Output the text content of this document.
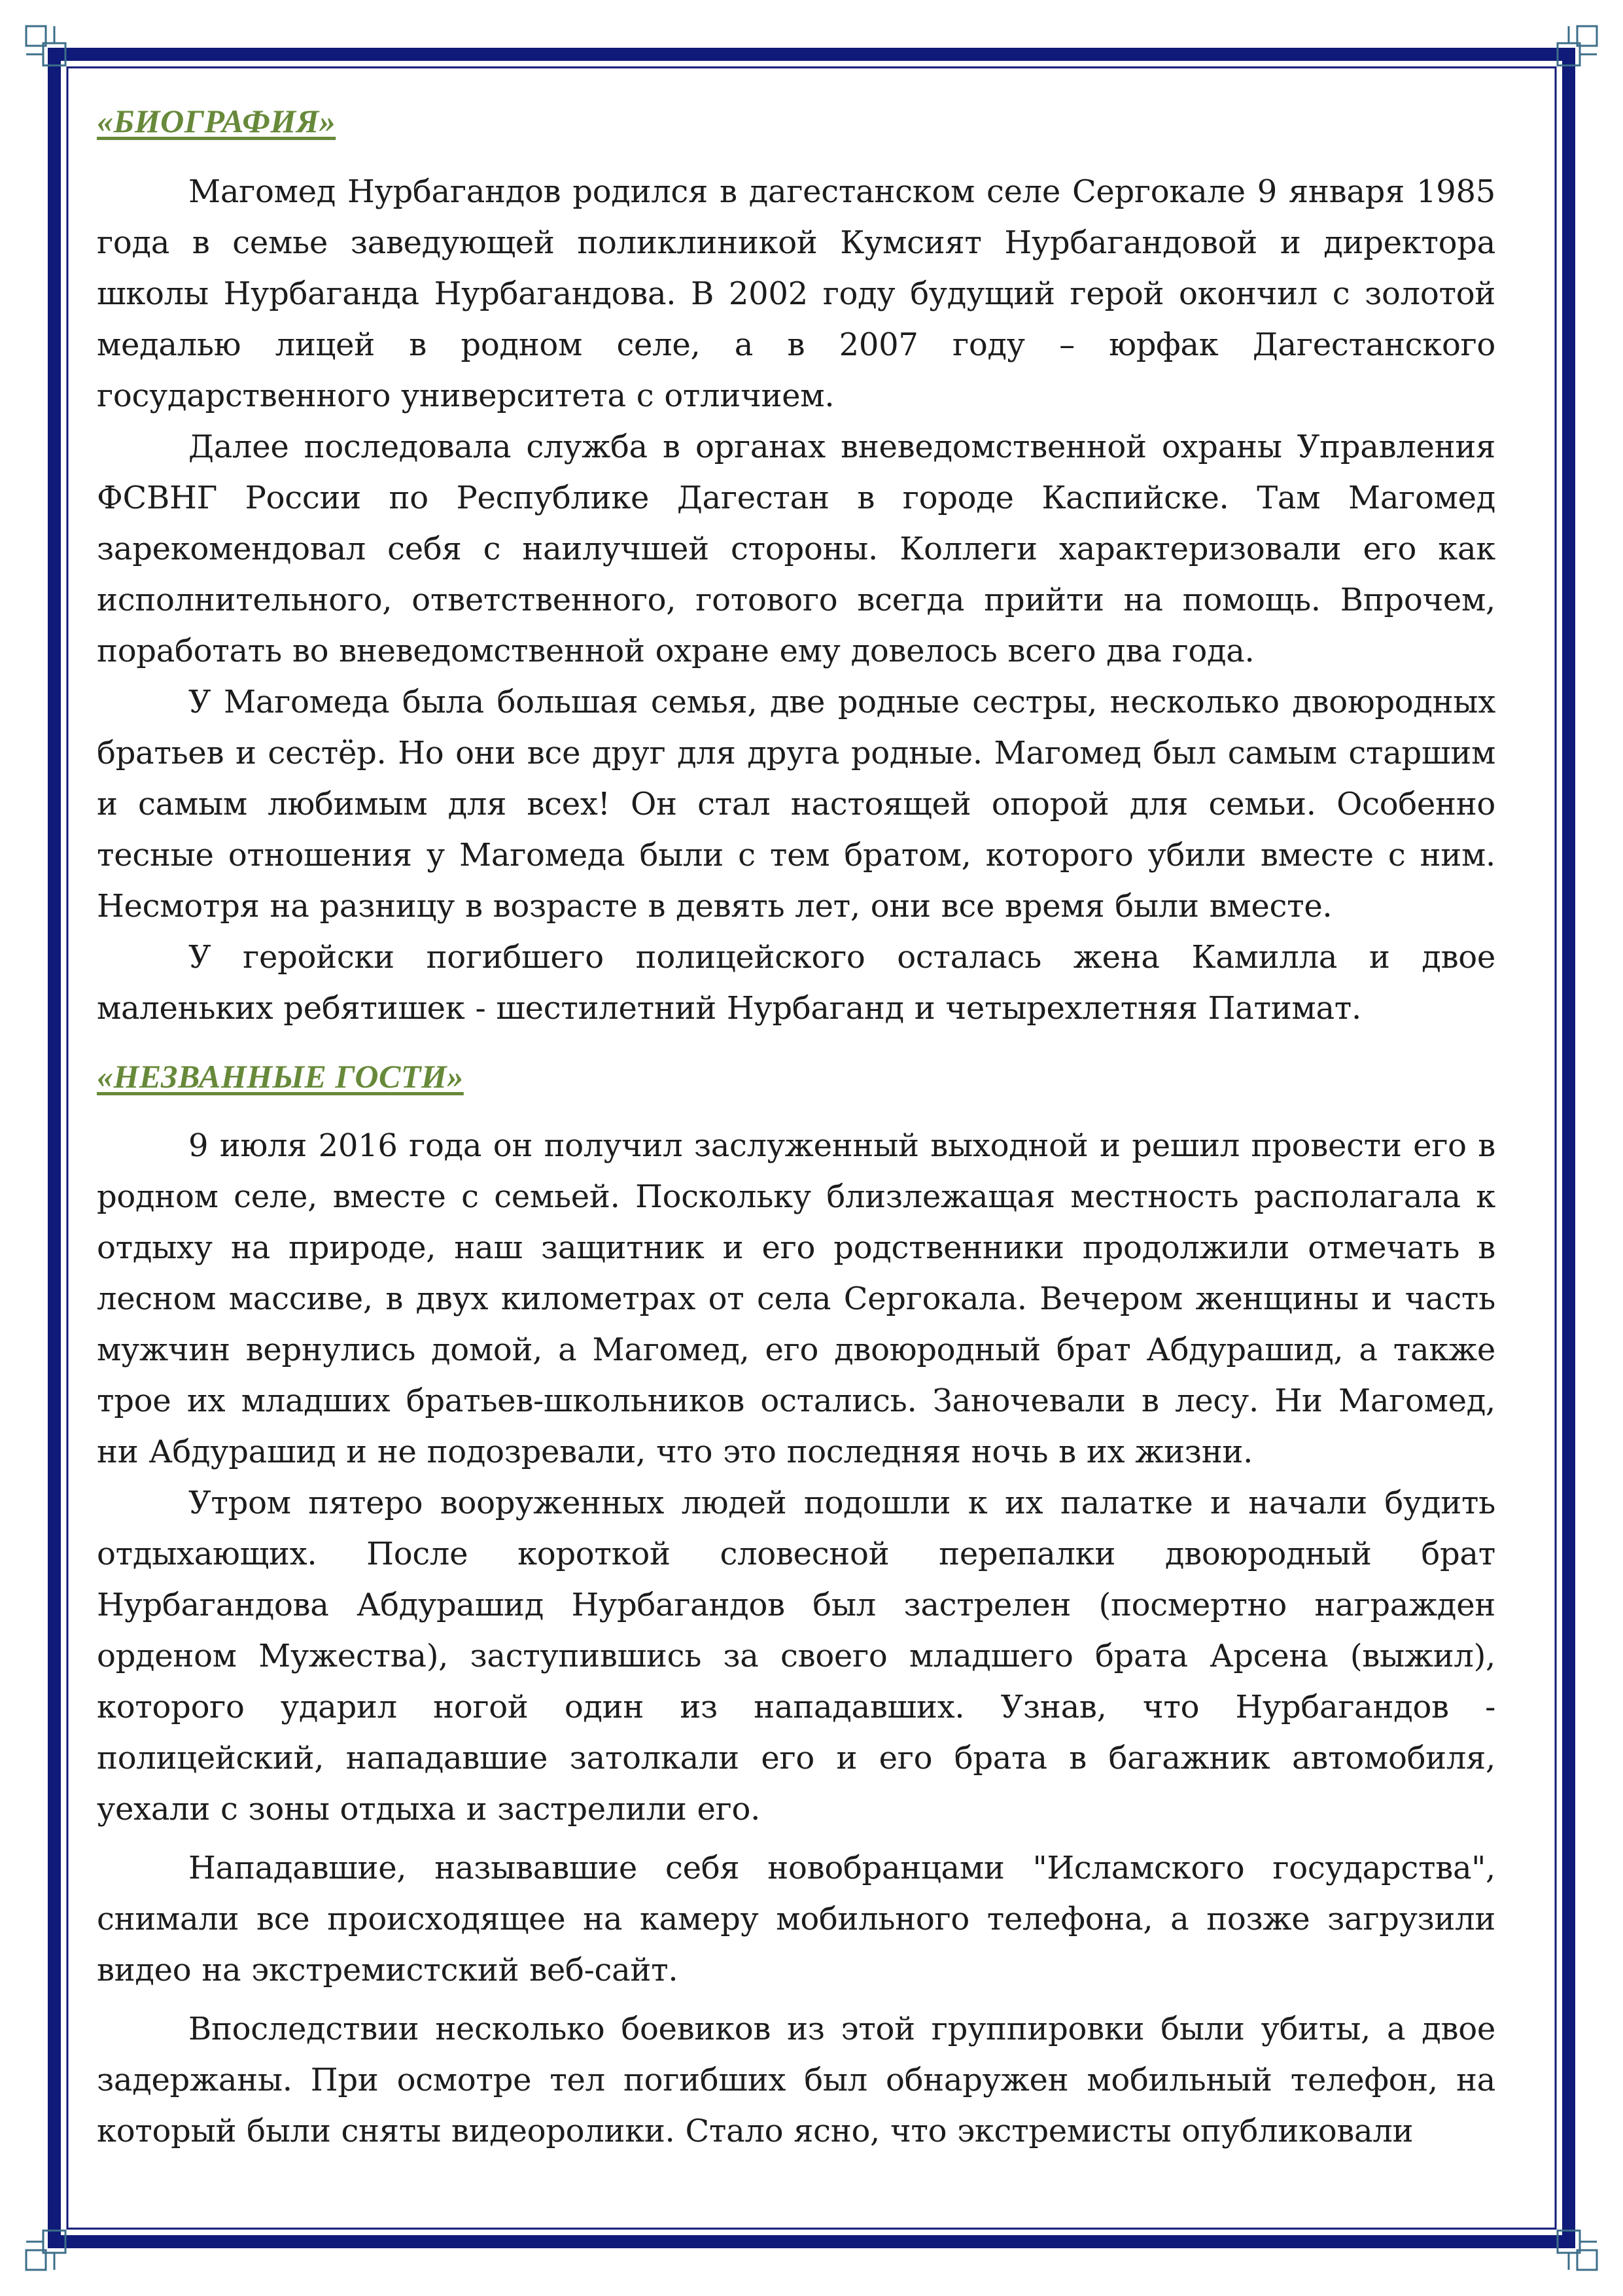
«БИОГРАФИЯ»

Магомед Нурбагандов родился в дагестанском селе Сергокале 9 января 1985 года в семье заведующей поликлиникой Кумсият Нурбагандовой и директора школы Нурбаганда Нурбагандова. В 2002 году будущий герой окончил с золотой медалью лицей в родном селе, а в 2007 году – юрфак Дагестанского государственного университета с отличием.

Далее последовала служба в органах вневедомственной охраны Управления ФСВНГ России по Республике Дагестан в городе Каспийске. Там Магомед зарекомендовал себя с наилучшей стороны. Коллеги характеризовали его как исполнительного, ответственного, готового всегда прийти на помощь. Впрочем, поработать во вневедомственной охране ему довелось всего два года.

У Магомеда была большая семья, две родные сестры, несколько двоюродных братьев и сестёр. Но они все друг для друга родные. Магомед был самым старшим и самым любимым для всех! Он стал настоящей опорой для семьи. Особенно тесные отношения у Магомеда были с тем братом, которого убили вместе с ним. Несмотря на разницу в возрасте в девять лет, они все время были вместе.

У геройски погибшего полицейского осталась жена Камилла и двое маленьких ребятишек - шестилетний Нурбаганд и четырехлетняя Патимат.

«НЕЗВАННЫЕ ГОСТИ»

9 июля 2016 года он получил заслуженный выходной и решил провести его в родном селе, вместе с семьей. Поскольку близлежащая местность располагала к отдыху на природе, наш защитник и его родственники продолжили отмечать в лесном массиве, в двух километрах от села Сергокала. Вечером женщины и часть мужчин вернулись домой, а Магомед, его двоюродный брат Абдурашид, а также трое их младших братьев-школьников остались. Заночевали в лесу. Ни Магомед, ни Абдурашид и не подозревали, что это последняя ночь в их жизни.

Утром пятеро вооруженных людей подошли к их палатке и начали будить отдыхающих. После короткой словесной перепалки двоюродный брат Нурбагандова Абдурашид Нурбагандов был застрелен (посмертно награжден орденом Мужества), заступившись за своего младшего брата Арсена (выжил), которого ударил ногой один из нападавших. Узнав, что Нурбагандов - полицейский, нападавшие затолкали его и его брата в багажник автомобиля, уехали с зоны отдыха и застрелили его.

Нападавшие, называвшие себя новобранцами "Исламского государства", снимали все происходящее на камеру мобильного телефона, а позже загрузили видео на экстремистский веб-сайт.

Впоследствии несколько боевиков из этой группировки были убиты, а двое задержаны. При осмотре тел погибших был обнаружен мобильный телефон, на который были сняты видеоролики. Стало ясно, что экстремисты опубликовали
